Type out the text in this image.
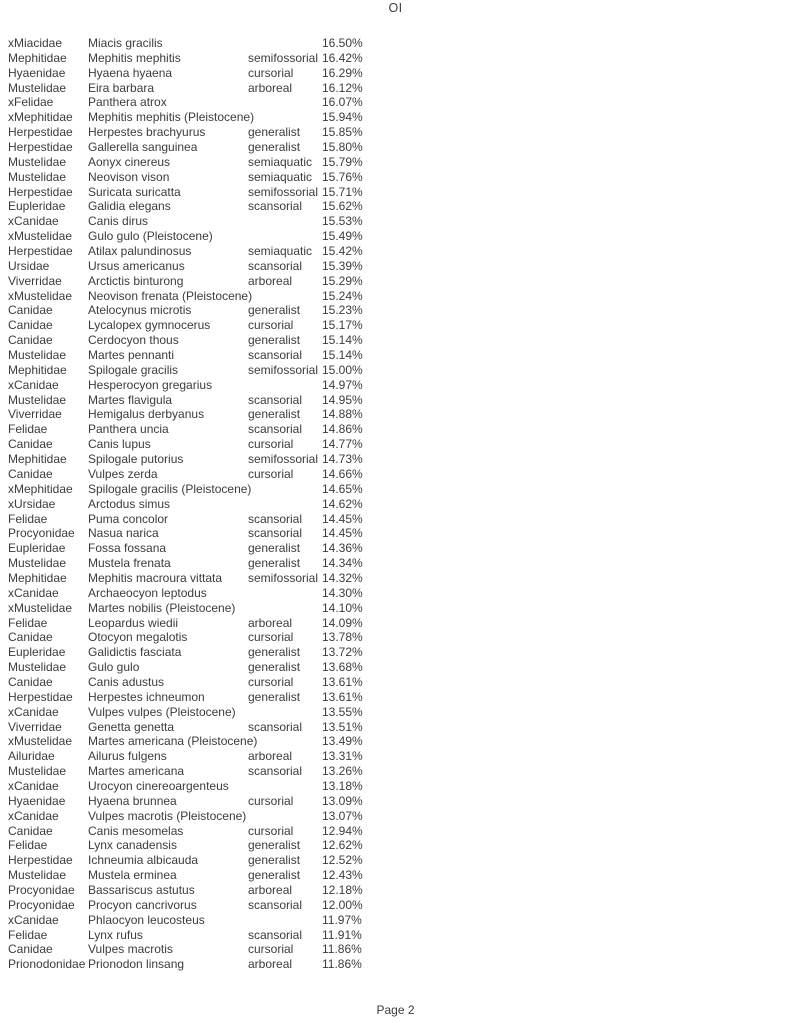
OI
xMiacidae	Miacis gracilis	16.50%
Mephitidae	Mephitis mephitis	semifossorial 16.42%
Hyaenidae	Hyaena hyaena	cursorial	16.29%
Mustelidae	Eira barbara	arboreal	16.12%
xFelidae	Panthera atrox	16.07%
xMephitidae	Mephitis mephitis (Pleistocene)	15.94%
Herpestidae	Herpestes brachyurus	generalist	15.85%
Herpestidae	Gallerella sanguinea	generalist	15.80%
Mustelidae	Aonyx cinereus	semiaquatic 15.79%
Mustelidae	Neovison vison	semiaquatic 15.76%
Herpestidae	Suricata suricatta	semifossorial 15.71%
Eupleridae	Galidia elegans	scansorial	15.62%
xCanidae	Canis dirus	15.53%
xMustelidae	Gulo gulo (Pleistocene)	15.49%
Herpestidae	Atilax palundinosus	semiaquatic 15.42%
Ursidae	Ursus americanus	scansorial	15.39%
Viverridae	Arctictis binturong	arboreal	15.29%
xMustelidae	Neovison frenata (Pleistocene)	15.24%
Canidae	Atelocynus microtis	generalist	15.23%
Canidae	Lycalopex gymnocerus	cursorial	15.17%
Canidae	Cerdocyon thous	generalist	15.14%
Mustelidae	Martes pennanti	scansorial	15.14%
Mephitidae	Spilogale gracilis	semifossorial 15.00%
xCanidae	Hesperocyon gregarius	14.97%
Mustelidae	Martes flavigula	scansorial	14.95%
Viverridae	Hemigalus derbyanus	generalist	14.88%
Felidae	Panthera uncia	scansorial	14.86%
Canidae	Canis lupus	cursorial	14.77%
Mephitidae	Spilogale putorius	semifossorial 14.73%
Canidae	Vulpes zerda	cursorial	14.66%
xMephitidae	Spilogale gracilis (Pleistocene)	14.65%
xUrsidae	Arctodus simus	14.62%
Felidae	Puma concolor	scansorial	14.45%
Procyonidae	Nasua narica	scansorial	14.45%
Eupleridae	Fossa fossana	generalist	14.36%
Mustelidae	Mustela frenata	generalist	14.34%
Mephitidae	Mephitis macroura vittata	semifossorial 14.32%
xCanidae	Archaeocyon leptodus	14.30%
xMustelidae	Martes nobilis (Pleistocene)	14.10%
Felidae	Leopardus wiedii	arboreal	14.09%
Canidae	Otocyon megalotis	cursorial	13.78%
Eupleridae	Galidictis fasciata	generalist	13.72%
Mustelidae	Gulo gulo	generalist	13.68%
Canidae	Canis adustus	cursorial	13.61%
Herpestidae	Herpestes ichneumon	generalist	13.61%
xCanidae	Vulpes vulpes (Pleistocene)	13.55%
Viverridae	Genetta genetta	scansorial	13.51%
xMustelidae	Martes americana (Pleistocene)	13.49%
Ailuridae	Ailurus fulgens	arboreal	13.31%
Mustelidae	Martes americana	scansorial	13.26%
xCanidae	Urocyon cinereoargenteus	13.18%
Hyaenidae	Hyaena brunnea	cursorial	13.09%
xCanidae	Vulpes macrotis (Pleistocene)	13.07%
Canidae	Canis mesomelas	cursorial	12.94%
Felidae	Lynx canadensis	generalist	12.62%
Herpestidae	Ichneumia albicauda	generalist	12.52%
Mustelidae	Mustela erminea	generalist	12.43%
Procyonidae	Bassariscus astutus	arboreal	12.18%
Procyonidae	Procyon cancrivorus	scansorial	12.00%
xCanidae	Phlaocyon leucosteus	11.97%
Felidae	Lynx rufus	scansorial	11.91%
Canidae	Vulpes macrotis	cursorial	11.86%
Prionodonidae Prionodon linsang	arboreal	11.86%
Page 2
